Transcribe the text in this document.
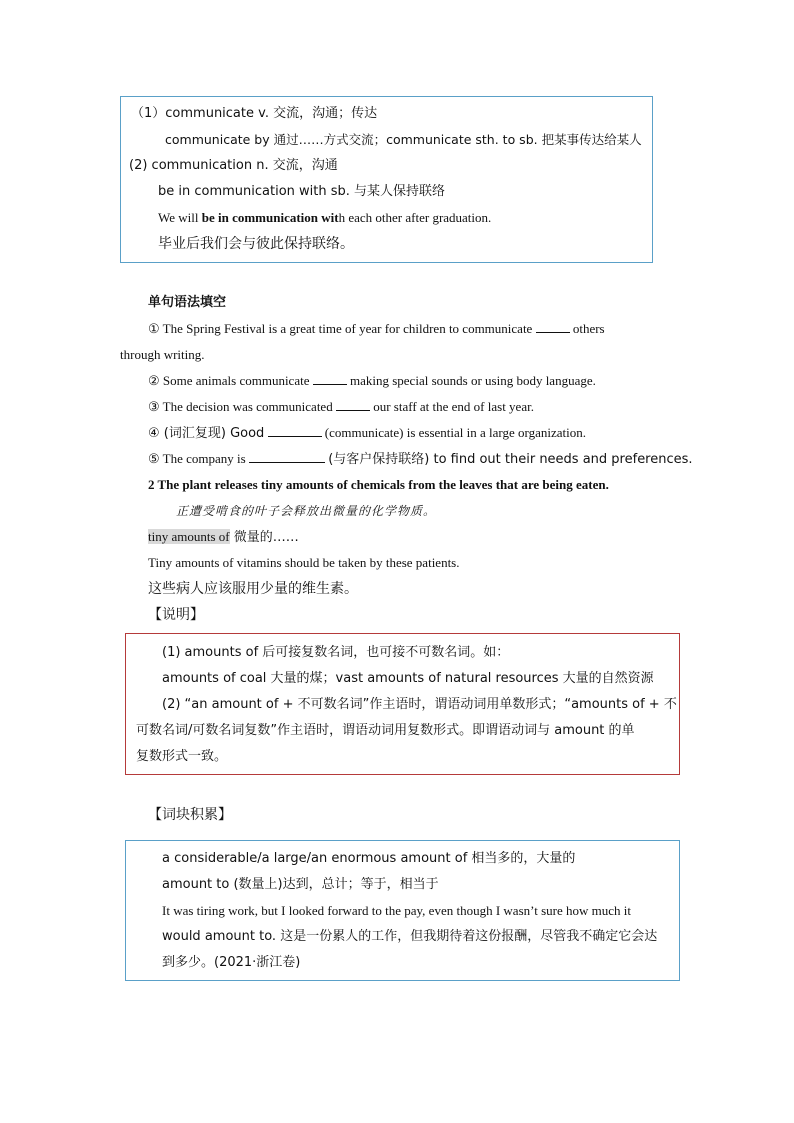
（1）communicate v. 交流，沟通；传达
communicate by 通过……方式交流；communicate sth. to sb. 把某事传达给某人
(2) communication n. 交流，沟通
be in communication with sb. 与某人保持联络
We will be in communication with each other after graduation.
毕业后我们会与彼此保持联络。
单句语法填空
① The Spring Festival is a great time of year for children to communicate	others
through writing.
② Some animals communicate	making special sounds or using body language.
③ The decision was communicated	our staff at the end of last year.
④ (词汇复现) Good	(communicate) is essential in a large organization.
⑤ The company is	(与客户保持联络) to find out their needs and preferences.
2 The plant releases tiny amounts of chemicals from the leaves that are being eaten.
正遭受啃食的叶子会释放出微量的化学物质。
tiny amounts of 微量的……
Tiny amounts of vitamins should be taken by these patients.
这些病人应该服用少量的维生素。
【说明】
(1) amounts of 后可接复数名词，也可接不可数名词。如：
amounts of coal 大量的煤；vast amounts of natural resources 大量的自然资源
(2) “an amount of + 不可数名词”作主语时，谓语动词用单数形式；“amounts of + 不
可数名词/可数名词复数”作主语时，谓语动词用复数形式。即谓语动词与 amount 的单
复数形式一致。
【词块积累】
a considerable/a large/an enormous amount of 相当多的，大量的
amount to (数量上)达到，总计；等于，相当于
It was tiring work, but I looked forward to the pay, even though I wasn’t sure how much it
would amount to. 这是一份累人的工作，但我期待着这份报酬，尽管我不确定它会达
到多少。(2021·浙江卷)
